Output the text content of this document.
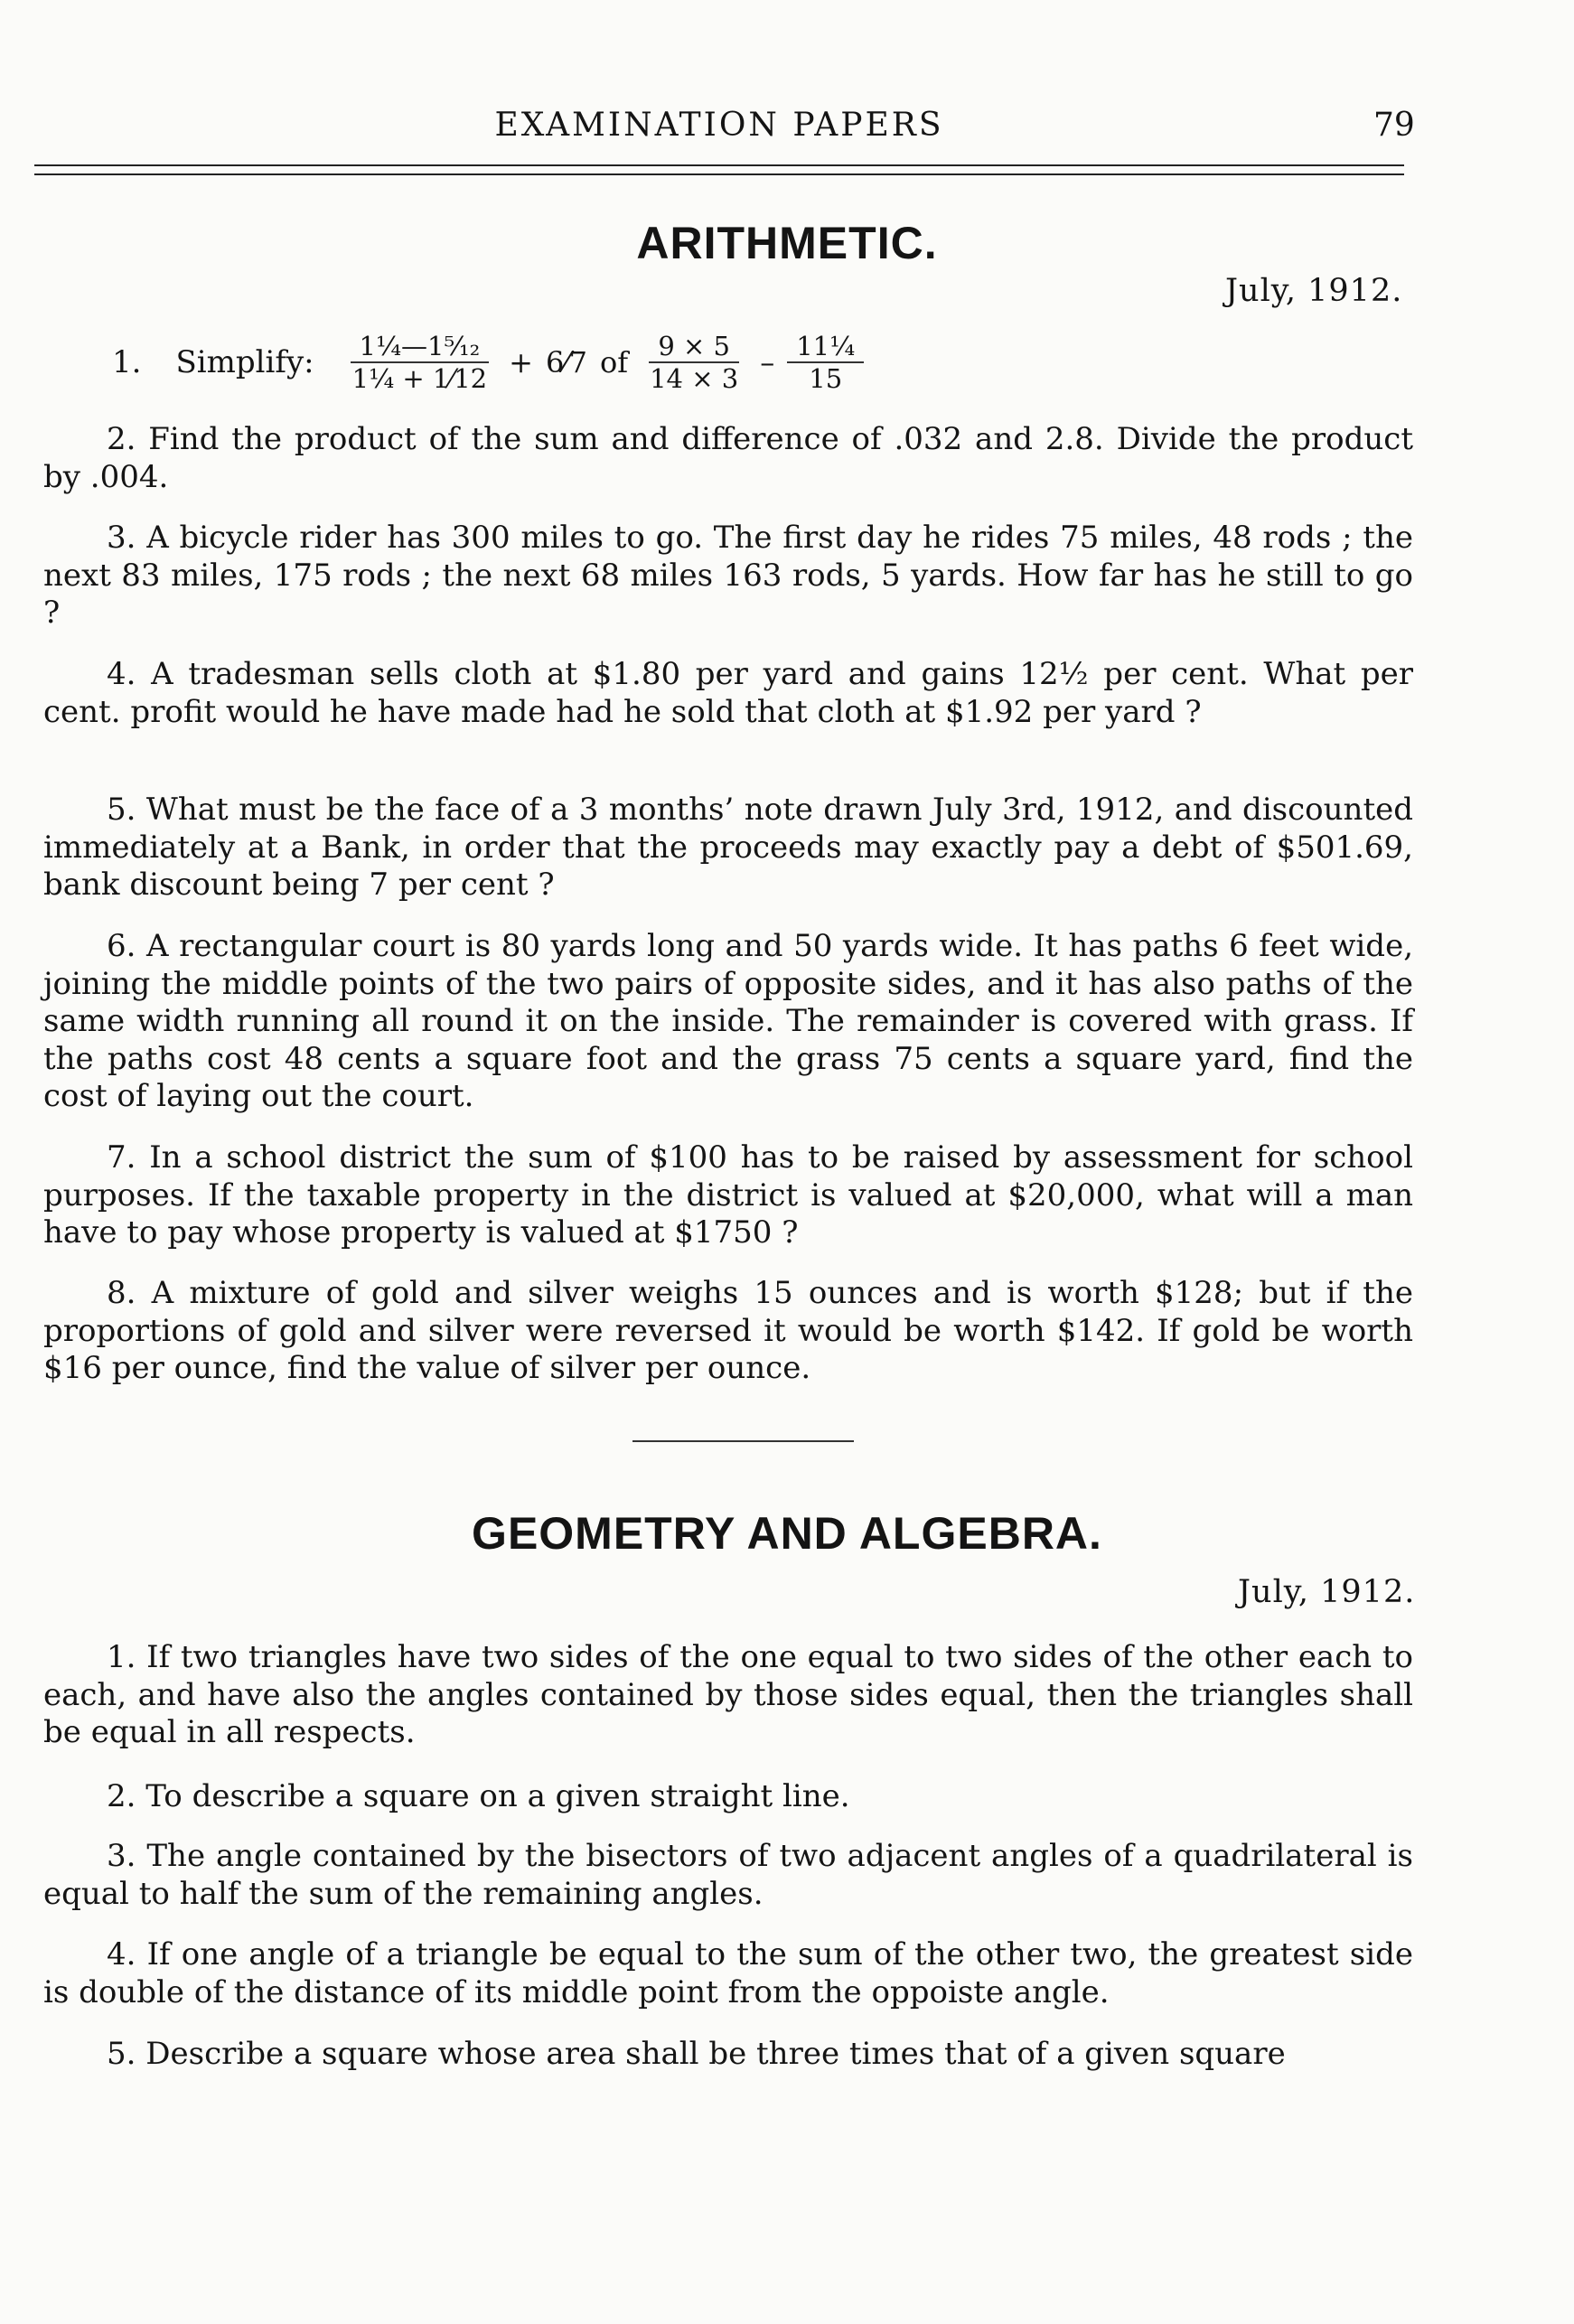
EXAMINATION PAPERS	79
ARITHMETIC.
July, 1912.
1. Simplify: $\frac{\text{1¼—1⁵⁄₁₂}}{\text{1¼ + 1⁄12}}$ + 6⁄7 of $\frac{9 \times 5}{14 \times 3} - \frac{\text{11¼}}{15}$
2. Find the product of the sum and difference of .032 and 2.8. Divide the product by .004.
3. A bicycle rider has 300 miles to go. The first day he rides 75 miles, 48 rods ; the next 83 miles, 175 rods ; the next 68 miles 163 rods, 5 yards. How far has he still to go ?
4. A tradesman sells cloth at $1.80 per yard and gains 12½ per cent. What per cent. profit would he have made had he sold that cloth at $1.92 per yard ?
5. What must be the face of a 3 months’ note drawn July 3rd, 1912, and discounted immediately at a Bank, in order that the proceeds may exactly pay a debt of $501.69, bank discount being 7 per cent ?
6. A rectangular court is 80 yards long and 50 yards wide. It has paths 6 feet wide, joining the middle points of the two pairs of opposite sides, and it has also paths of the same width running all round it on the inside. The remainder is covered with grass. If the paths cost 48 cents a square foot and the grass 75 cents a square yard, find the cost of laying out the court.
7. In a school district the sum of $100 has to be raised by assessment for school purposes. If the taxable property in the district is valued at $20,000, what will a man have to pay whose property is valued at $1750 ?
8. A mixture of gold and silver weighs 15 ounces and is worth $128; but if the proportions of gold and silver were reversed it would be worth $142. If gold be worth $16 per ounce, find the value of silver per ounce.
GEOMETRY AND ALGEBRA.
July, 1912.
1. If two triangles have two sides of the one equal to two sides of the other each to each, and have also the angles contained by those sides equal, then the triangles shall be equal in all respects.
2. To describe a square on a given straight line.
3. The angle contained by the bisectors of two adjacent angles of a quadrilateral is equal to half the sum of the remaining angles.
4. If one angle of a triangle be equal to the sum of the other two, the greatest side is double of the distance of its middle point from the oppoiste angle.
5. Describe a square whose area shall be three times that of a given square
